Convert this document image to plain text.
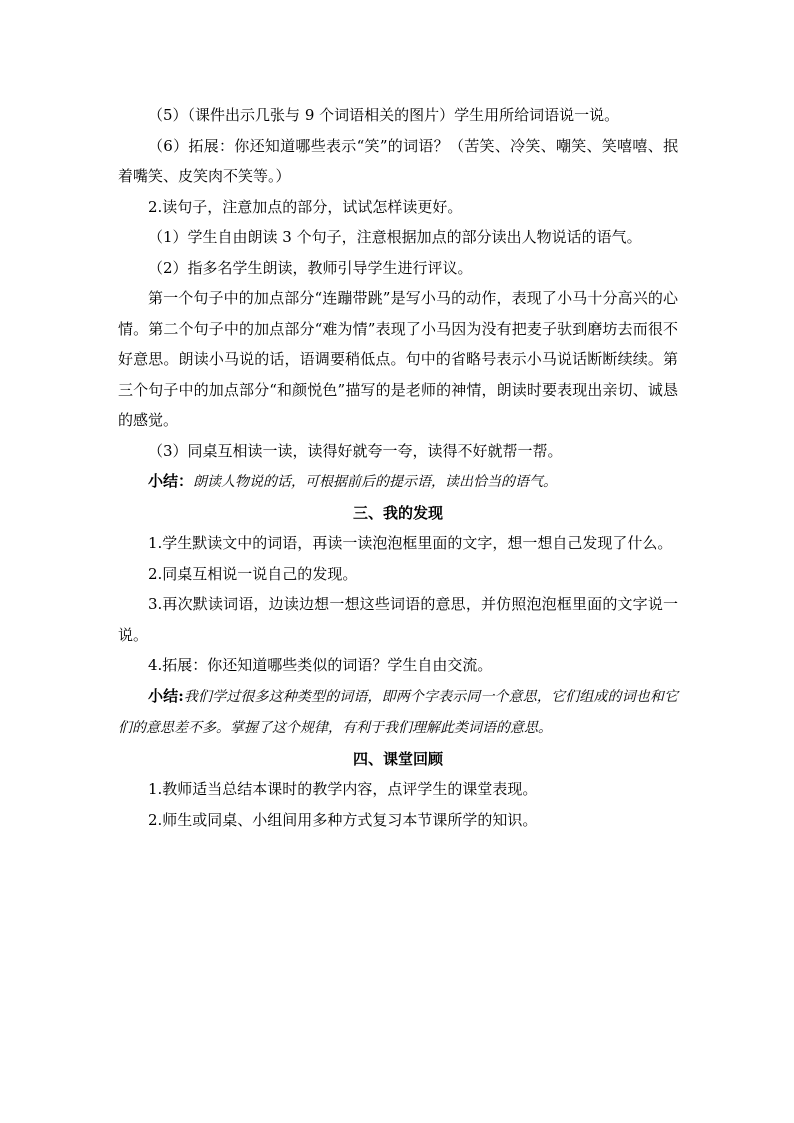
（5）（课件出示几张与 9 个词语相关的图片）学生用所给词语说一说。

（6）拓展：你还知道哪些表示“笑”的词语？（苦笑、冷笑、嘲笑、笑嘻嘻、抿着嘴笑、皮笑肉不笑等。）

2.读句子，注意加点的部分，试试怎样读更好。

（1）学生自由朗读 3 个句子，注意根据加点的部分读出人物说话的语气。

（2）指多名学生朗读，教师引导学生进行评议。

第一个句子中的加点部分“连蹦带跳”是写小马的动作，表现了小马十分高兴的心情。第二个句子中的加点部分“难为情”表现了小马因为没有把麦子驮到磨坊去而很不好意思。朗读小马说的话，语调要稍低点。句中的省略号表示小马说话断断续续。第三个句子中的加点部分“和颜悦色”描写的是老师的神情，朗读时要表现出亲切、诚恳的感觉。

（3）同桌互相读一读，读得好就夸一夸，读得不好就帮一帮。

小结：朗读人物说的话，可根据前后的提示语，读出恰当的语气。

三、我的发现

1.学生默读文中的词语，再读一读泡泡框里面的文字，想一想自己发现了什么。

2.同桌互相说一说自己的发现。

3.再次默读词语，边读边想一想这些词语的意思，并仿照泡泡框里面的文字说一说。

4.拓展：你还知道哪些类似的词语？学生自由交流。

小结:我们学过很多这种类型的词语，即两个字表示同一个意思，它们组成的词也和它们的意思差不多。掌握了这个规律，有利于我们理解此类词语的意思。

四、课堂回顾

1.教师适当总结本课时的教学内容，点评学生的课堂表现。

2.师生或同桌、小组间用多种方式复习本节课所学的知识。
